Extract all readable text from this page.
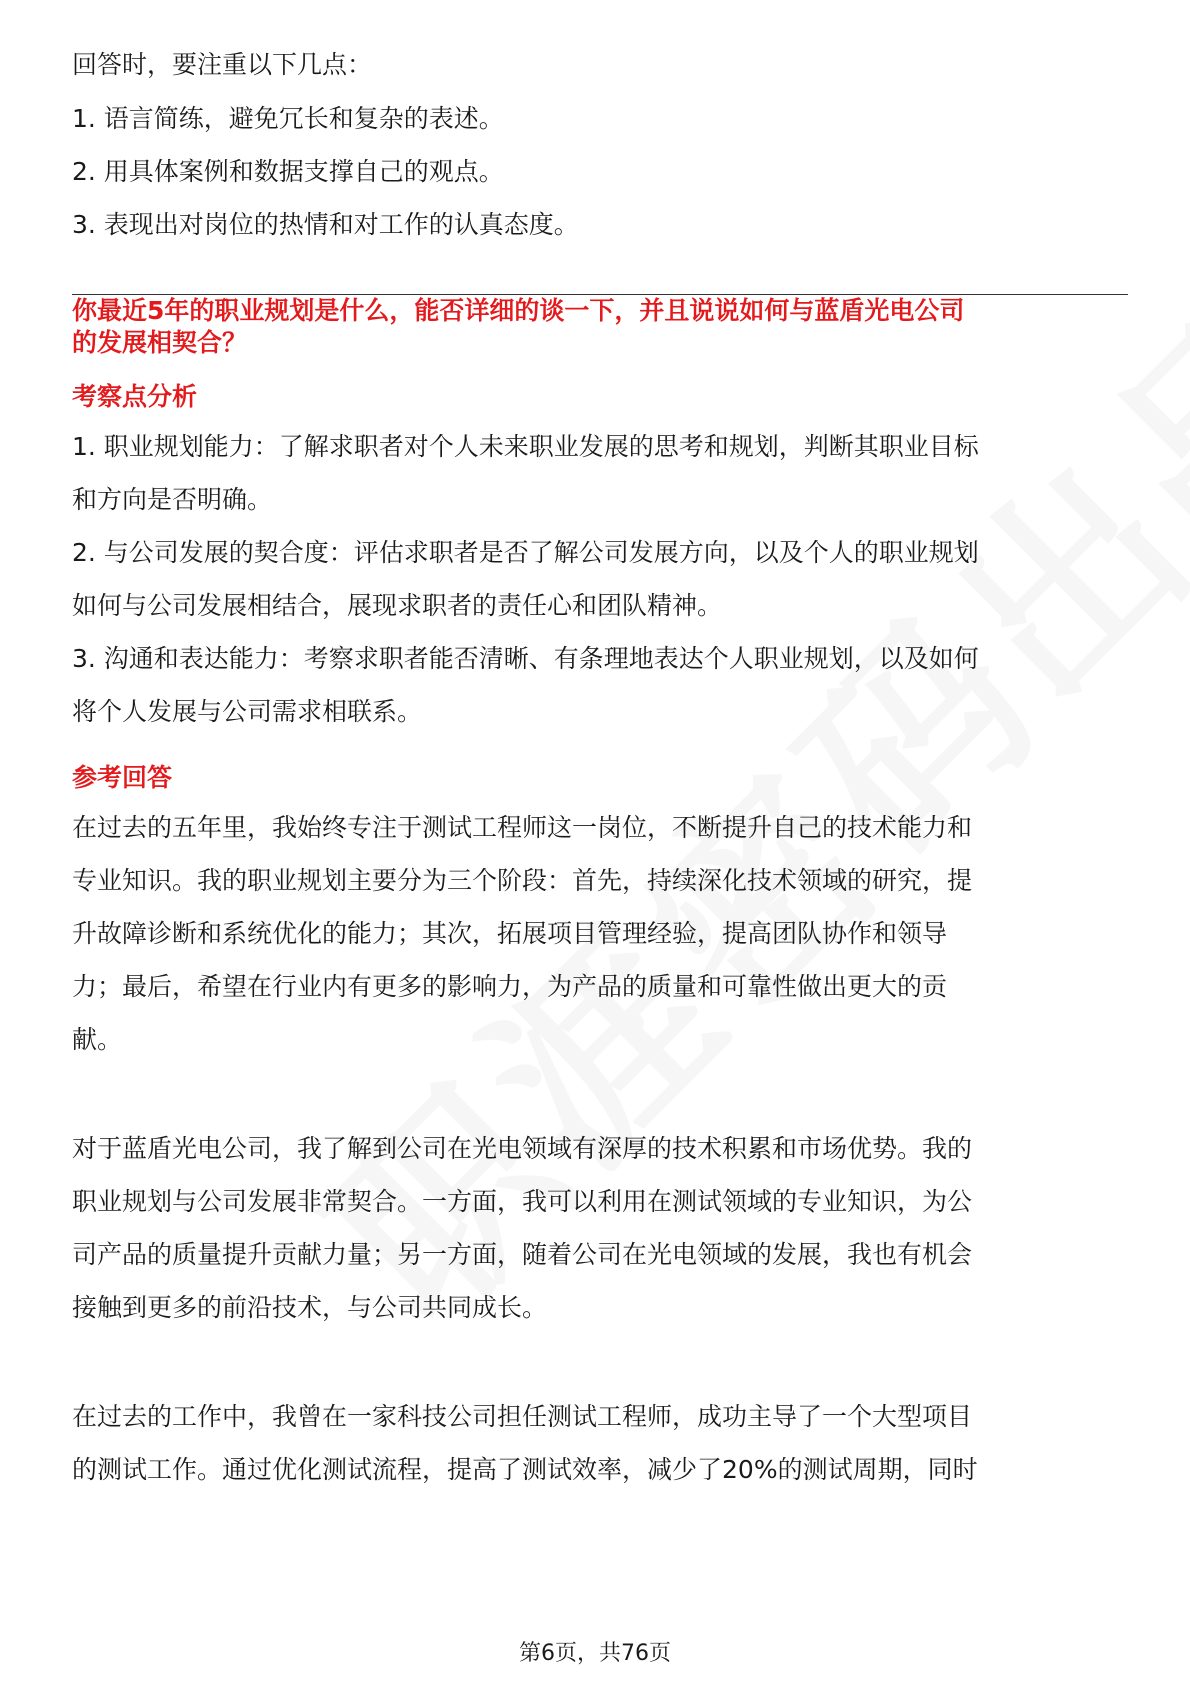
回答时，要注重以下几点：

1. 语言简练，避免冗长和复杂的表述。

2. 用具体案例和数据支撑自己的观点。

3. 表现出对岗位的热情和对工作的认真态度。

你最近5年的职业规划是什么，能否详细的谈一下，并且说说如何与蓝盾光电公司

的发展相契合？

考察点分析

1. 职业规划能力：了解求职者对个人未来职业发展的思考和规划，判断其职业目标

和方向是否明确。

2. 与公司发展的契合度：评估求职者是否了解公司发展方向，以及个人的职业规划

如何与公司发展相结合，展现求职者的责任心和团队精神。

3. 沟通和表达能力：考察求职者能否清晰、有条理地表达个人职业规划，以及如何

将个人发展与公司需求相联系。

参考回答

在过去的五年里，我始终专注于测试工程师这一岗位，不断提升自己的技术能力和

专业知识。我的职业规划主要分为三个阶段：首先，持续深化技术领域的研究，提

升故障诊断和系统优化的能力；其次，拓展项目管理经验，提高团队协作和领导

力；最后，希望在行业内有更多的影响力，为产品的质量和可靠性做出更大的贡

献。

对于蓝盾光电公司，我了解到公司在光电领域有深厚的技术积累和市场优势。我的

职业规划与公司发展非常契合。一方面，我可以利用在测试领域的专业知识，为公

司产品的质量提升贡献力量；另一方面，随着公司在光电领域的发展，我也有机会

接触到更多的前沿技术，与公司共同成长。

在过去的工作中，我曾在一家科技公司担任测试工程师，成功主导了一个大型项目

的测试工作。通过优化测试流程，提高了测试效率，减少了20%的测试周期，同时

第6页，共76页
